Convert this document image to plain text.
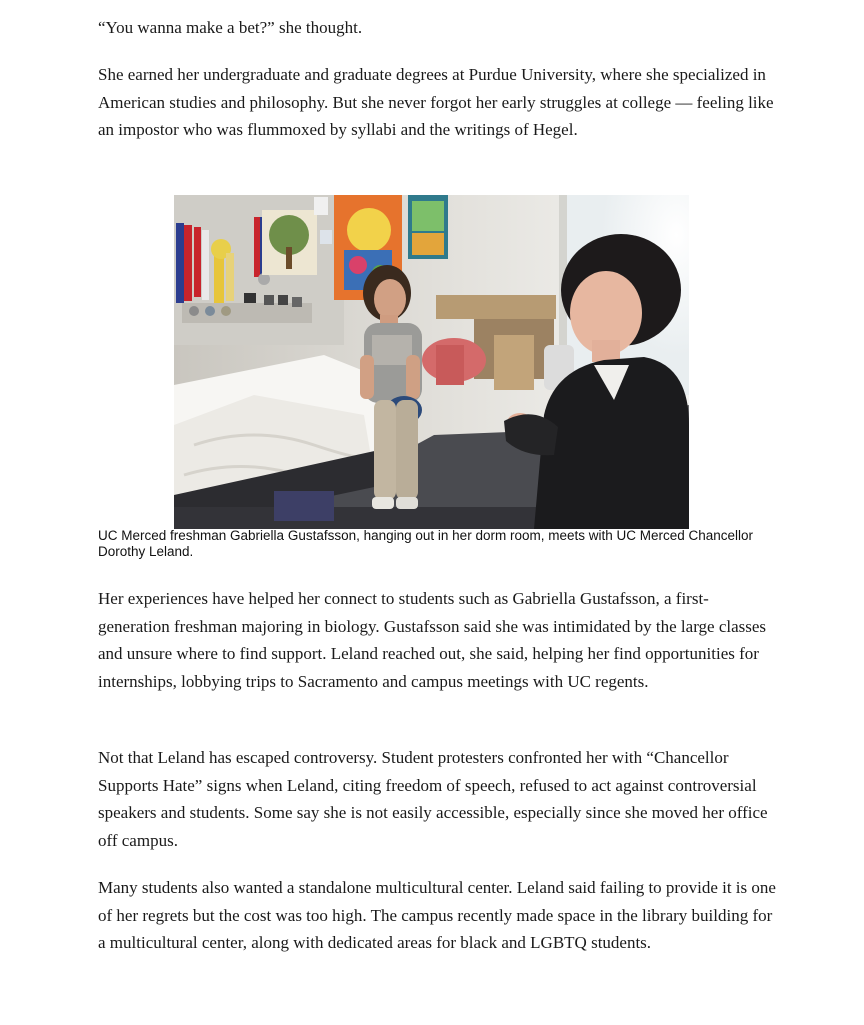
“You wanna make a bet?” she thought.

She earned her undergraduate and graduate degrees at Purdue University, where she specialized in American studies and philosophy. But she never forgot her early struggles at college — feeling like an impostor who was flummoxed by syllabi and the writings of Hegel.

Her experiences have helped her connect to students such as Gabriella Gustafsson, a first-generation freshman majoring in biology. Gustafsson said she was intimidated by the large classes and unsure where to find support. Leland reached out, she said, helping her find opportunities for internships, lobbying trips to Sacramento and campus meetings with UC regents.

Not that Leland has escaped controversy. Student protesters confronted her with “Chancellor Supports Hate” signs when Leland, citing freedom of speech, refused to act against controversial speakers and students. Some say she is not easily accessible, especially since she moved her office off campus.

Many students also wanted a standalone multicultural center. Leland said failing to provide it is one of her regrets but the cost was too high. The campus recently made space in the library building for a multicultural center, along with dedicated areas for black and LGBTQ students.

UC Merced freshman Gabriella Gustafsson, hanging out in her dorm room, meets with UC Merced Chancellor Dorothy Leland.
